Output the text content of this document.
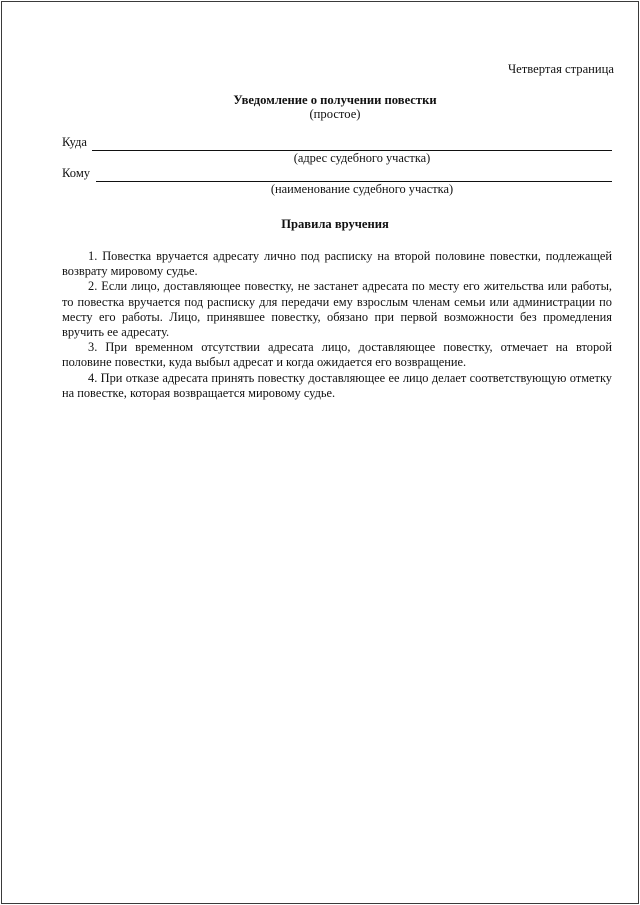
Четвертая страница
Уведомление о получении повестки
(простое)
Куда
(адрес судебного участка)
Кому
(наименование судебного участка)
Правила вручения

1. Повестка вручается адресату лично под расписку на второй половине повестки, подлежащей возврату мировому судье.

2. Если лицо, доставляющее повестку, не застанет адресата по месту его жительства или работы, то повестка вручается под расписку для передачи ему взрослым членам семьи или администрации по месту его работы. Лицо, принявшее повестку, обязано при первой возможности без промедления вручить ее адресату.

3. При временном отсутствии адресата лицо, доставляющее повестку, отмечает на второй половине повестки, куда выбыл адресат и когда ожидается его возвращение.

4. При отказе адресата принять повестку доставляющее ее лицо делает соответствующую отметку на повестке, которая возвращается мировому судье.
